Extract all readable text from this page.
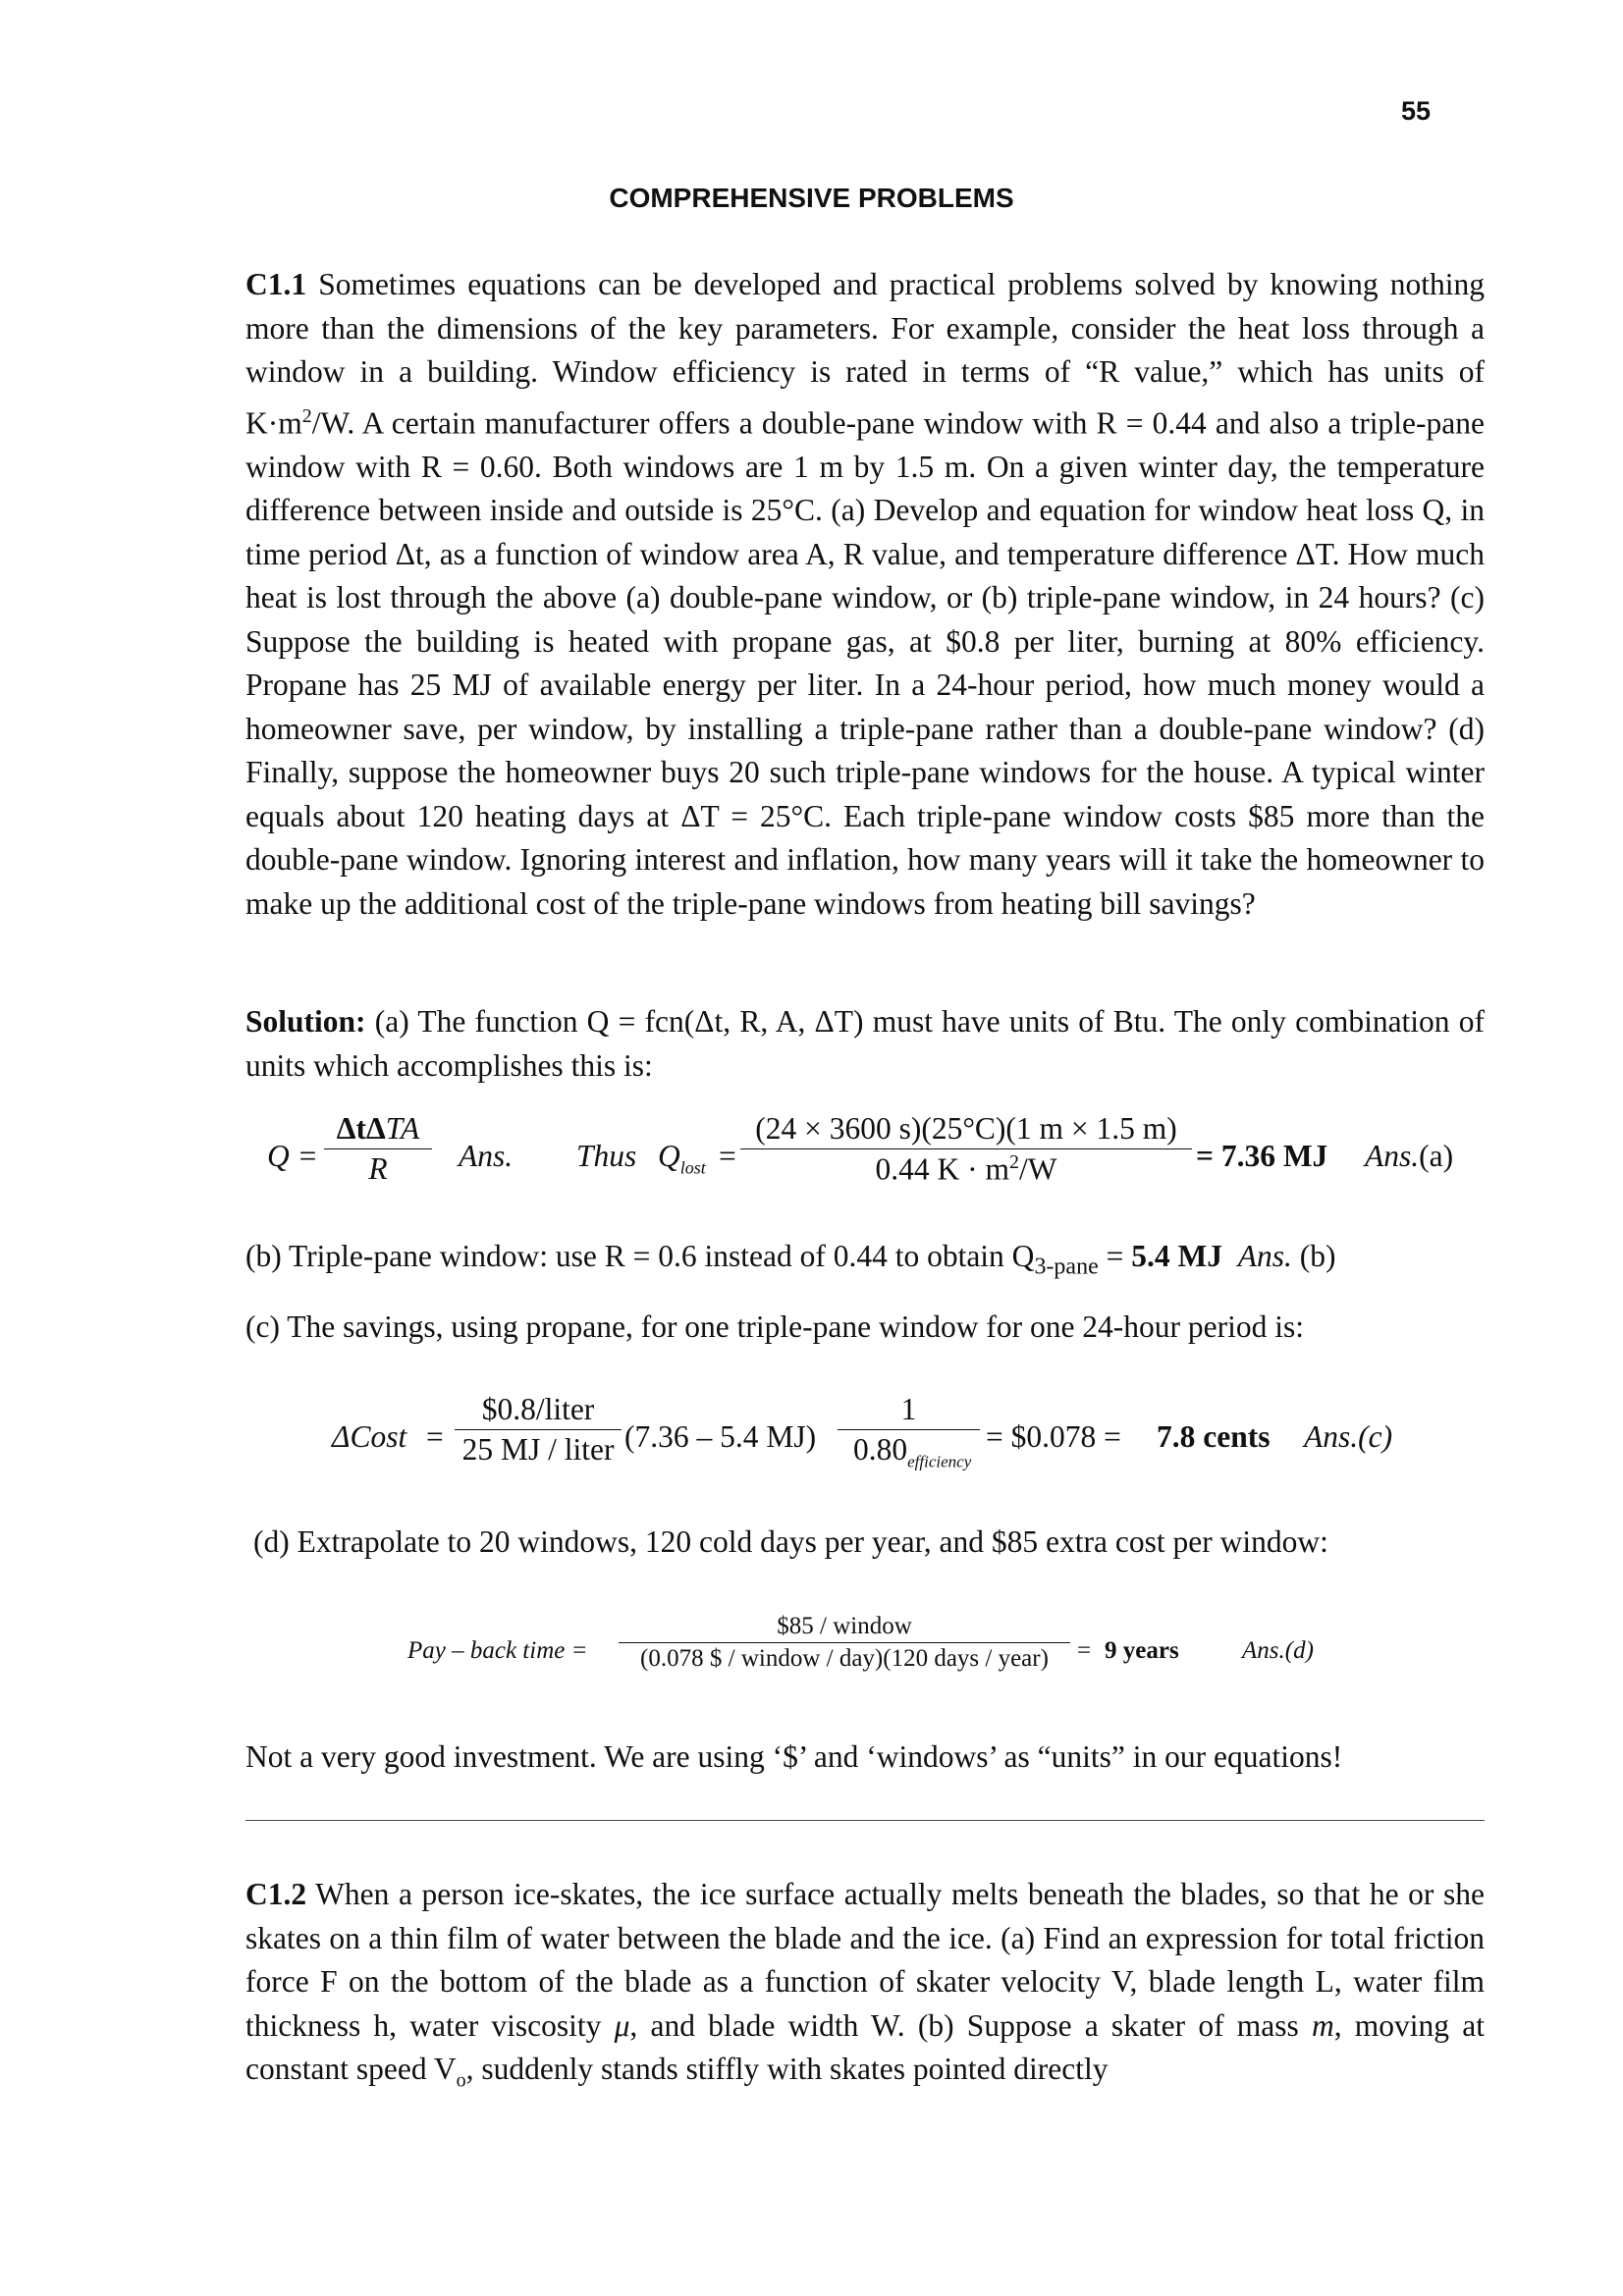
55
COMPREHENSIVE PROBLEMS

C1.1 Sometimes equations can be developed and practical problems solved by knowing nothing more than the dimensions of the key parameters. For example, consider the heat loss through a window in a building. Window efficiency is rated in terms of “R value,” which has units of $K\cdot m^2/W$. A certain manufacturer offers a double-pane window with R = 0.44 and also a triple-pane window with R = 0.60. Both windows are 1 m by 1.5 m. On a given winter day, the temperature difference between inside and outside is 25°C. (a) Develop and equation for window heat loss Q, in time period Δt, as a function of window area A, R value, and temperature difference ΔT. How much heat is lost through the above (a) double-pane window, or (b) triple-pane window, in 24 hours? (c) Suppose the building is heated with propane gas, at $0.8 per liter, burning at 80% efficiency. Propane has 25 MJ of available energy per liter. In a 24-hour period, how much money would a homeowner save, per window, by installing a triple-pane rather than a double-pane window? (d) Finally, suppose the homeowner buys 20 such triple-pane windows for the house. A typical winter equals about 120 heating days at ΔT = 25°C. Each triple-pane window costs $85 more than the double-pane window. Ignoring interest and inflation, how many years will it take the homeowner to make up the additional cost of the triple-pane windows from heating bill savings?

Solution: (a) The function Q = fcn(Δt, R, A, ΔT) must have units of Btu. The only combination of units which accomplishes this is:

Q =
ΔtΔTA
R	Ans. Thus $Q_{lost} = \frac{(24 \times 3600 s)(25^\circ C)(1 m \times 1.5 m)}{0.44 K \cdot m^2/W} = 7.36$ MJ Ans.(a)
(b) Triple-pane window: use R = 0.6 instead of 0.44 to obtain $Q_{3-pane} = 5.4$ MJ Ans. (b)
(c) The savings, using propane, for one triple-pane window for one 24-hour period is:
ΔCost =
$0.8/liter
25 MJ / liter (7.36 – 5.4 MJ)
1
$0.80_{efficiency}$
= $0.078 = 7.8 cents Ans.(c)
(d) Extrapolate to 20 windows, 120 cold days per year, and $85 extra cost per window:
Pay – back time =
$85 / window
(0.078 $ / window / day)(120 days / year)	= 9 years	Ans.(d)
Not a very good investment. We are using ‘$’ and ‘windows’ as “units” in our equations!

C1.2 When a person ice-skates, the ice surface actually melts beneath the blades, so that he or she skates on a thin film of water between the blade and the ice. (a) Find an expression for total friction force F on the bottom of the blade as a function of skater velocity V, blade length L, water film thickness h, water viscosity μ, and blade width W. (b) Suppose a skater of mass m, moving at constant speed $V_o$, suddenly stands stiffly with skates pointed directly
